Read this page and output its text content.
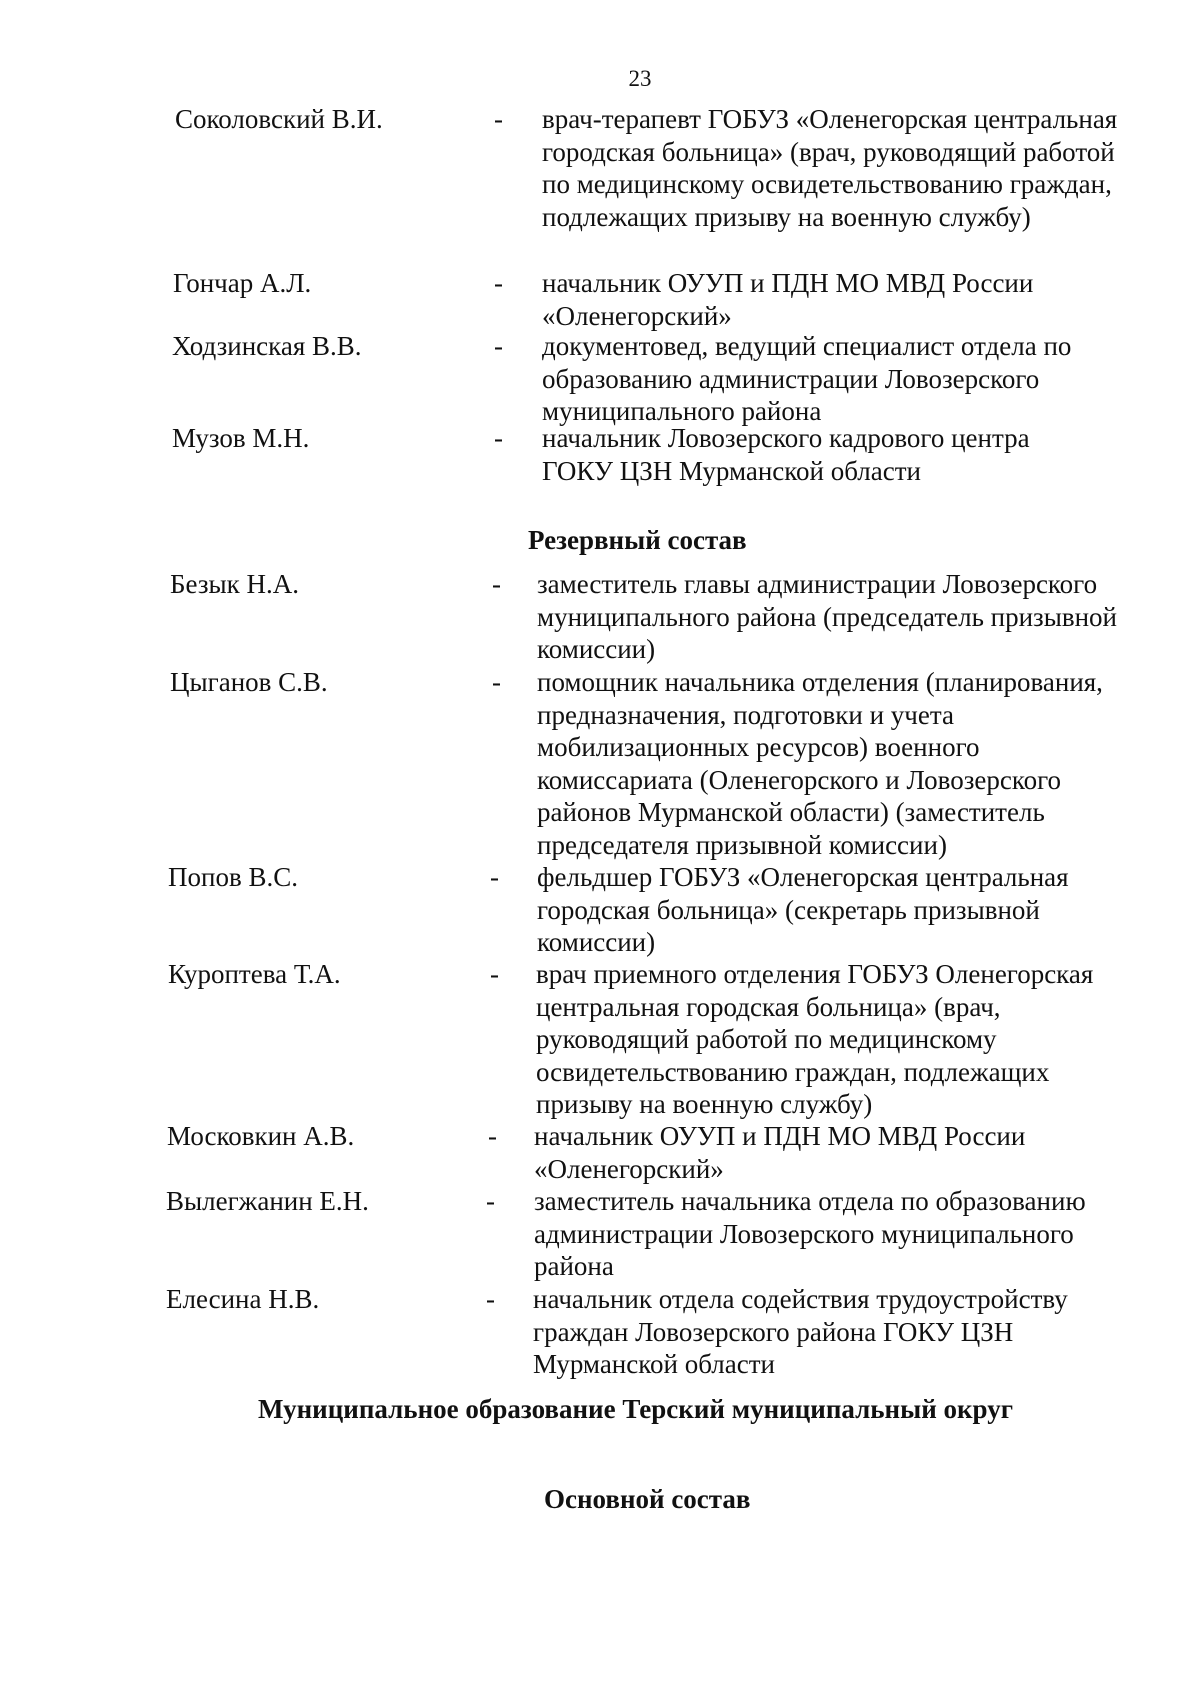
23
Соколовский В.И.	- врач-терапевт ГОБУЗ «Оленегорская центральная городская больница» (врач, руководящий работой по медицинскому освидетельствованию граждан, подлежащих призыву на военную службу)
Гончар А.Л.	- начальник ОУУП и ПДН МО МВД России «Оленегорский»
Ходзинская В.В.	- документовед, ведущий специалист отдела по образованию администрации Ловозерского муниципального района
Музов М.Н.	- начальник Ловозерского кадрового центра ГОКУ ЦЗН Мурманской области
Резервный состав
Безык Н.А.	- заместитель главы администрации Ловозерского муниципального района (председатель призывной комиссии)
Цыганов С.В.	- помощник начальника отделения (планирования, предназначения, подготовки и учета мобилизационных ресурсов) военного комиссариата (Оленегорского и Ловозерского районов Мурманской области) (заместитель председателя призывной комиссии)
Попов В.С.	- фельдшер ГОБУЗ «Оленегорская центральная городская больница» (секретарь призывной комиссии)
Куроптева Т.А.	- врач приемного отделения ГОБУЗ Оленегорская центральная городская больница» (врач, руководящий работой по медицинскому освидетельствованию граждан, подлежащих призыву на военную службу)
Московкин А.В.	- начальник ОУУП и ПДН МО МВД России «Оленегорский»
Вылегжанин Е.Н.	- заместитель начальника отдела по образованию администрации Ловозерского муниципального района
Елесина Н.В.	- начальник отдела содействия трудоустройству граждан Ловозерского района ГОКУ ЦЗН Мурманской области
Муниципальное образование Терский муниципальный округ
Основной состав
